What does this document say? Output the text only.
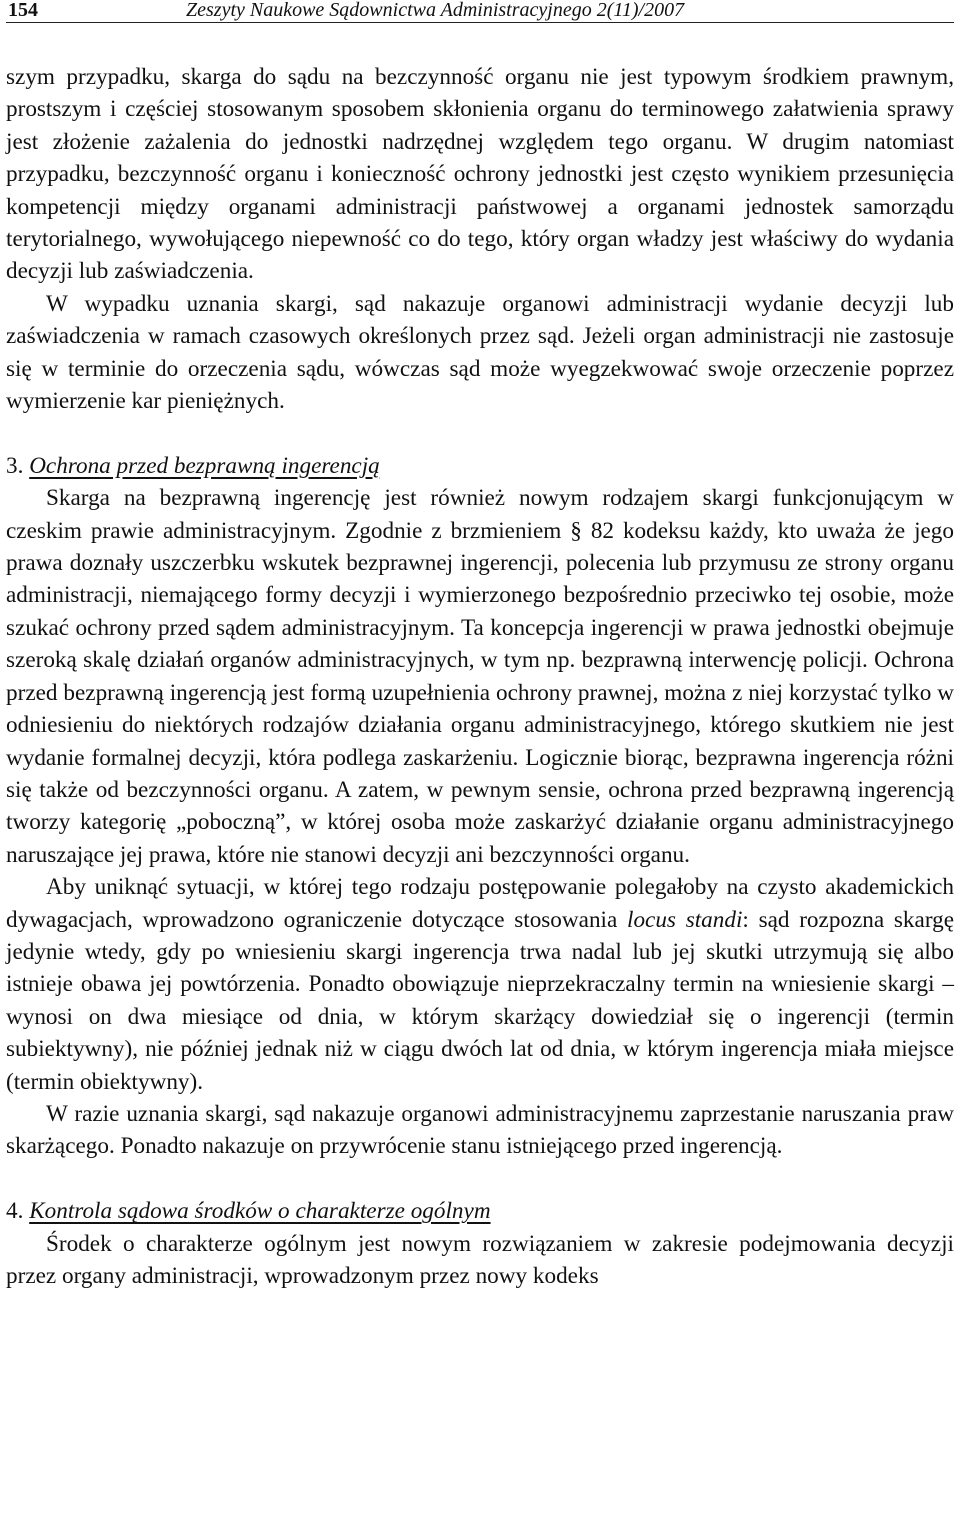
154	Zeszyty Naukowe Sądownictwa Administracyjnego 2(11)/2007

szym przypadku, skarga do sądu na bezczynność organu nie jest typowym środkiem prawnym, prostszym i częściej stosowanym sposobem skłonienia organu do terminowego załatwienia sprawy jest złożenie zażalenia do jednostki nadrzędnej względem tego organu. W drugim natomiast przypadku, bezczynność organu i konieczność ochrony jednostki jest często wynikiem przesunięcia kompetencji między organami administracji państwowej a organami jednostek samorządu terytorialnego, wywołującego niepewność co do tego, który organ władzy jest właściwy do wydania decyzji lub zaświadczenia.

W wypadku uznania skargi, sąd nakazuje organowi administracji wydanie decyzji lub zaświadczenia w ramach czasowych określonych przez sąd. Jeżeli organ administracji nie zastosuje się w terminie do orzeczenia sądu, wówczas sąd może wyegzekwować swoje orzeczenie poprzez wymierzenie kar pieniężnych.

3. Ochrona przed bezprawną ingerencją

Skarga na bezprawną ingerencję jest również nowym rodzajem skargi funkcjonującym w czeskim prawie administracyjnym. Zgodnie z brzmieniem § 82 kodeksu każdy, kto uważa że jego prawa doznały uszczerbku wskutek bezprawnej ingerencji, polecenia lub przymusu ze strony organu administracji, niemającego formy decyzji i wymierzonego bezpośrednio przeciwko tej osobie, może szukać ochrony przed sądem administracyjnym. Ta koncepcja ingerencji w prawa jednostki obejmuje szeroką skalę działań organów administracyjnych, w tym np. bezprawną interwencję policji. Ochrona przed bezprawną ingerencją jest formą uzupełnienia ochrony prawnej, można z niej korzystać tylko w odniesieniu do niektórych rodzajów działania organu administracyjnego, którego skutkiem nie jest wydanie formalnej decyzji, która podlega zaskarżeniu. Logicznie biorąc, bezprawna ingerencja różni się także od bezczynności organu. A zatem, w pewnym sensie, ochrona przed bezprawną ingerencją tworzy kategorię „poboczną”, w której osoba może zaskarżyć działanie organu administracyjnego naruszające jej prawa, które nie stanowi decyzji ani bezczynności organu.

Aby uniknąć sytuacji, w której tego rodzaju postępowanie polegałoby na czysto akademickich dywagacjach, wprowadzono ograniczenie dotyczące stosowania locus standi: sąd rozpozna skargę jedynie wtedy, gdy po wniesieniu skargi ingerencja trwa nadal lub jej skutki utrzymują się albo istnieje obawa jej powtórzenia. Ponadto obowiązuje nieprzekraczalny termin na wniesienie skargi – wynosi on dwa miesiące od dnia, w którym skarżący dowiedział się o ingerencji (termin subiektywny), nie później jednak niż w ciągu dwóch lat od dnia, w którym ingerencja miała miejsce (termin obiektywny).

W razie uznania skargi, sąd nakazuje organowi administracyjnemu zaprzestanie naruszania praw skarżącego. Ponadto nakazuje on przywrócenie stanu istniejącego przed ingerencją.

4. Kontrola sądowa środków o charakterze ogólnym

Środek o charakterze ogólnym jest nowym rozwiązaniem w zakresie podejmowania decyzji przez organy administracji, wprowadzonym przez nowy kodeks
